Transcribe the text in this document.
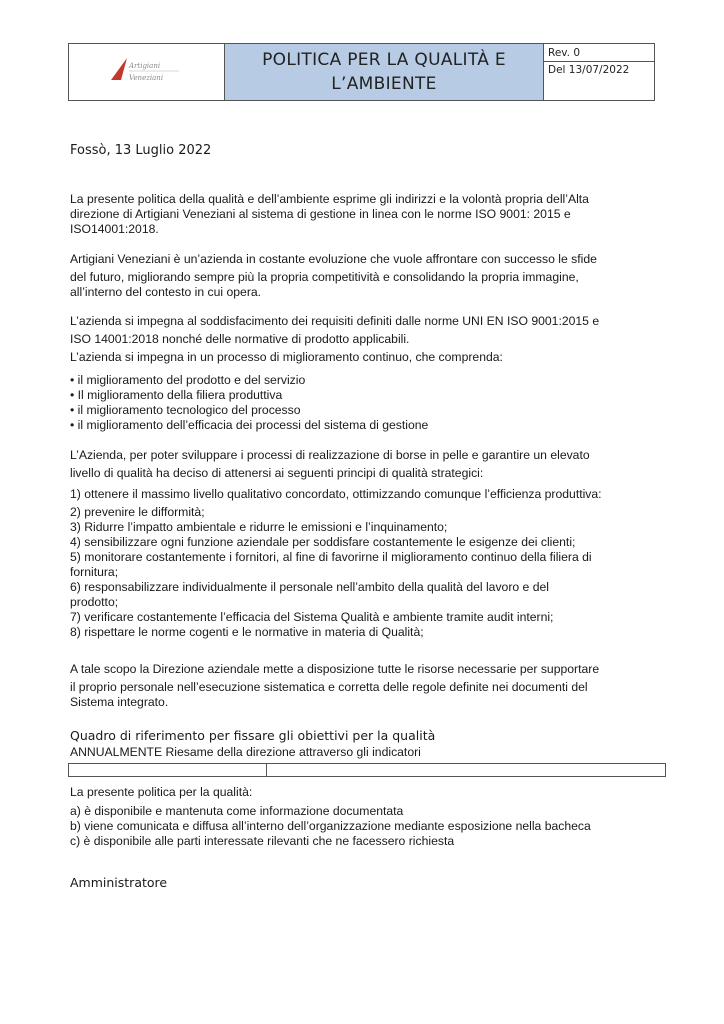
Artigiani
Veneziani

POLITICA PER LA QUALITÀ E
L’AMBIENTE

Rev. 0
Del 13/07/2022

Fossò, 13 Luglio 2022

La presente politica della qualità e dell’ambiente esprime gli indirizzi e la volontà propria dell’Alta
direzione di Artigiani Veneziani al sistema di gestione in linea con le norme ISO 9001: 2015 e
ISO14001:2018.

Artigiani Veneziani è un’azienda in costante evoluzione che vuole affrontare con successo le sfide
del futuro, migliorando sempre più la propria competitività e consolidando la propria immagine,
all’interno del contesto in cui opera.

L’azienda si impegna al soddisfacimento dei requisiti definiti dalle norme UNI EN ISO 9001:2015 e
ISO 14001:2018 nonché delle normative di prodotto applicabili.

L’azienda si impegna in un processo di miglioramento continuo, che comprenda:

• il miglioramento del prodotto e del servizio
• Il miglioramento della filiera produttiva
• il miglioramento tecnologico del processo
• il miglioramento dell’efficacia dei processi del sistema di gestione

L’Azienda, per poter sviluppare i processi di realizzazione di borse in pelle e garantire un elevato
livello di qualità ha deciso di attenersi ai seguenti principi di qualità strategici:

1) ottenere il massimo livello qualitativo concordato, ottimizzando comunque l’efficienza produttiva:

2) prevenire le difformità;
3) Ridurre l’impatto ambientale e ridurre le emissioni e l’inquinamento;
4) sensibilizzare ogni funzione aziendale per soddisfare costantemente le esigenze dei clienti;
5) monitorare costantemente i fornitori, al fine di favorirne il miglioramento continuo della filiera di
fornitura;
6) responsabilizzare individualmente il personale nell’ambito della qualità del lavoro e del
prodotto;
7) verificare costantemente l’efficacia del Sistema Qualità e ambiente tramite audit interni;
8) rispettare le norme cogenti e le normative in materia di Qualità;

A tale scopo la Direzione aziendale mette a disposizione tutte le risorse necessarie per supportare
il proprio personale nell’esecuzione sistematica e corretta delle regole definite nei documenti del
Sistema integrato.

Quadro di riferimento per fissare gli obiettivi per la qualità

ANNUALMENTE Riesame della direzione attraverso gli indicatori

La presente politica per la qualità:

a) è disponibile e mantenuta come informazione documentata
b) viene comunicata e diffusa all’interno dell’organizzazione mediante esposizione nella bacheca
c) è disponibile alle parti interessate rilevanti che ne facessero richiesta

Amministratore
